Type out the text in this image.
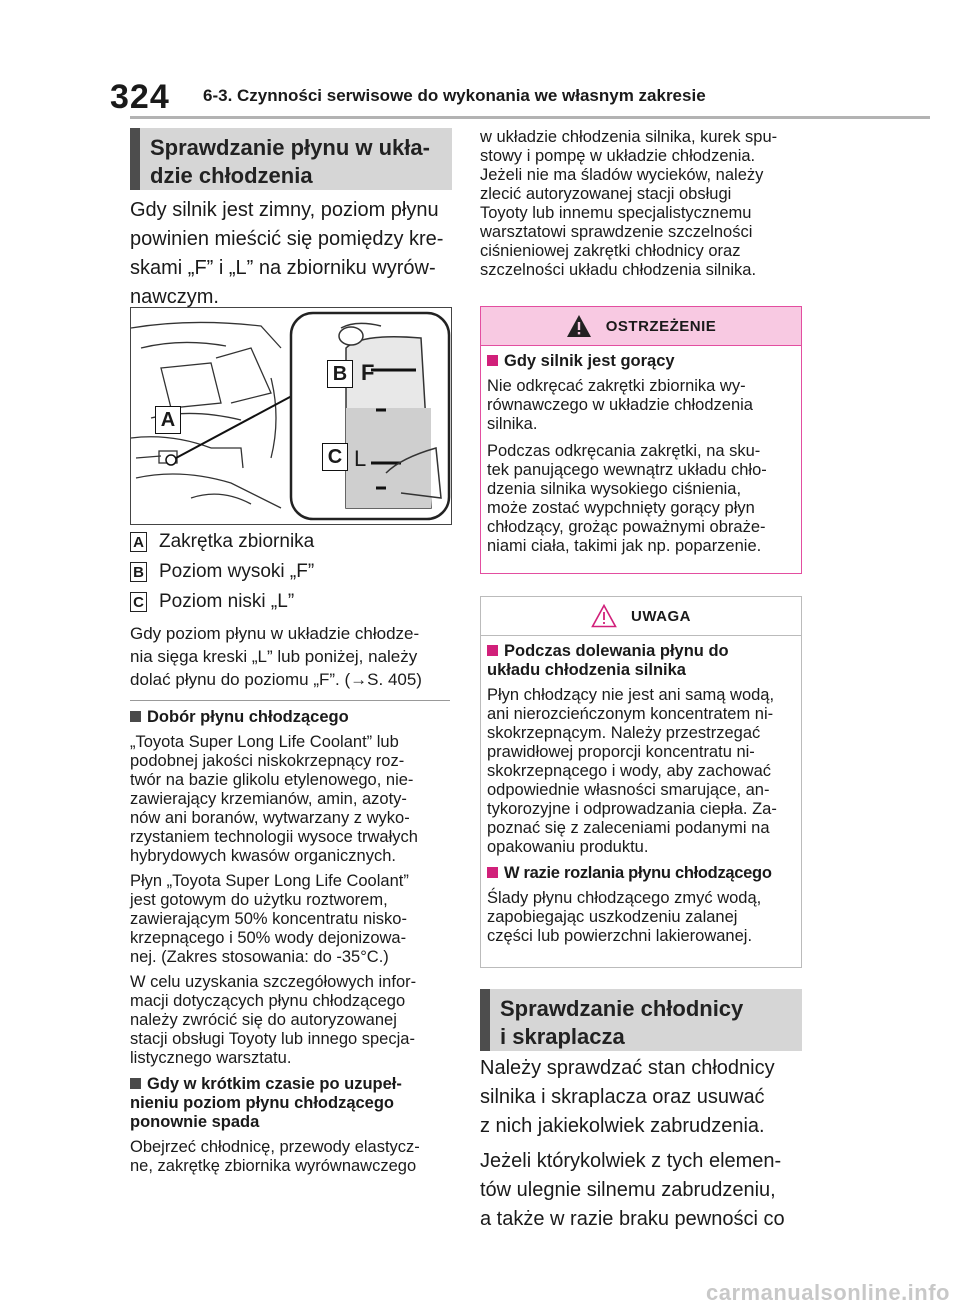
324 6-3. Czynności serwisowe do wykonania we własnym zakresie
Sprawdzanie płynu w ukła-
dzie chłodzenia
Gdy silnik jest zimny, poziom płynu
powinien mieścić się pomiędzy kre-
skami „F” i „L” na zbiorniku wyrów-
nawczym.
A
B
C
F
L
A Zakrętka zbiornika
B Poziom wysoki „F”
C Poziom niski „L”
Gdy poziom płynu w układzie chłodze-
nia sięga kreski „L” lub poniżej, należy
dolać płynu do poziomu „F”. (→S. 405)
Dobór płynu chłodzącego
„Toyota Super Long Life Coolant” lub
podobnej jakości niskokrzepnący roz-
twór na bazie glikolu etylenowego, nie-
zawierający krzemianów, amin, azoty-
nów ani boranów, wytwarzany z wyko-
rzystaniem technologii wysoce trwałych
hybrydowych kwasów organicznych.
Płyn „Toyota Super Long Life Coolant”
jest gotowym do użytku roztworem,
zawierającym 50% koncentratu nisko-
krzepnącego i 50% wody dejonizowa-
nej. (Zakres stosowania: do -35°C.)
W celu uzyskania szczegółowych infor-
macji dotyczących płynu chłodzącego
należy zwrócić się do autoryzowanej
stacji obsługi Toyoty lub innego specja-
listycznego warsztatu.
Gdy w krótkim czasie po uzupeł-
nieniu poziom płynu chłodzącego
ponownie spada
Obejrzeć chłodnicę, przewody elastycz-
ne, zakrętkę zbiornika wyrównawczego
w układzie chłodzenia silnika, kurek spu-
stowy i pompę w układzie chłodzenia.
Jeżeli nie ma śladów wycieków, należy
zlecić autoryzowanej stacji obsługi
Toyoty lub innemu specjalistycznemu
warsztatowi sprawdzenie szczelności
ciśnieniowej zakrętki chłodnicy oraz
szczelności układu chłodzenia silnika.
OSTRZEŻENIE
Gdy silnik jest gorący
Nie odkręcać zakrętki zbiornika wy-
równawczego w układzie chłodzenia
silnika.
Podczas odkręcania zakrętki, na sku-
tek panującego wewnątrz układu chło-
dzenia silnika wysokiego ciśnienia,
może zostać wypchnięty gorący płyn
chłodzący, grożąc poważnymi obraże-
niami ciała, takimi jak np. poparzenie.
UWAGA
Podczas dolewania płynu do
układu chłodzenia silnika
Płyn chłodzący nie jest ani samą wodą,
ani nierozcieńczonym koncentratem ni-
skokrzepnącym. Należy przestrzegać
prawidłowej proporcji koncentratu ni-
skokrzepnącego i wody, aby zachować
odpowiednie własności smarujące, an-
tykorozyjne i odprowadzania ciepła. Za-
poznać się z zaleceniami podanymi na
opakowaniu produktu.
W razie rozlania płynu chłodzącego
Ślady płynu chłodzącego zmyć wodą,
zapobiegając uszkodzeniu zalanej
części lub powierzchni lakierowanej.
Sprawdzanie chłodnicy
i skraplacza
Należy sprawdzać stan chłodnicy
silnika i skraplacza oraz usuwać
z nich jakiekolwiek zabrudzenia.
Jeżeli którykolwiek z tych elemen-
tów ulegnie silnemu zabrudzeniu,
a także w razie braku pewności co
carmanualsonline.info
